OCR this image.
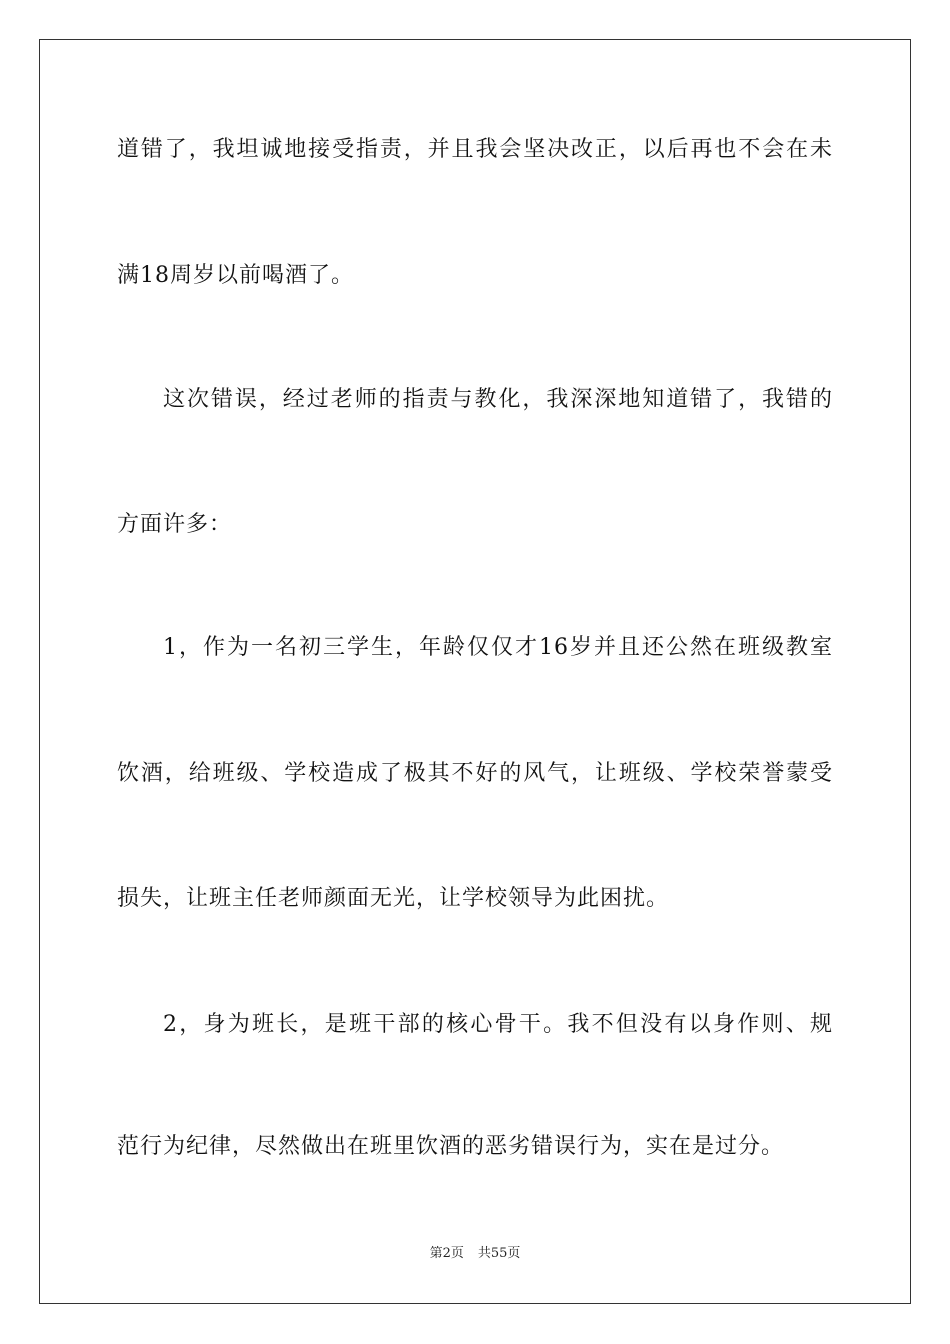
道错了，我坦诚地接受指责，并且我会坚决改正，以后再也不会在未
满18周岁以前喝酒了。
这次错误，经过老师的指责与教化，我深深地知道错了，我错的
方面许多：
1，作为一名初三学生，年龄仅仅才16岁并且还公然在班级教室
饮酒，给班级、学校造成了极其不好的风气，让班级、学校荣誉蒙受
损失，让班主任老师颜面无光，让学校领导为此困扰。
2，身为班长，是班干部的核心骨干。我不但没有以身作则、规
范行为纪律，尽然做出在班里饮酒的恶劣错误行为，实在是过分。
第2页 共55页
